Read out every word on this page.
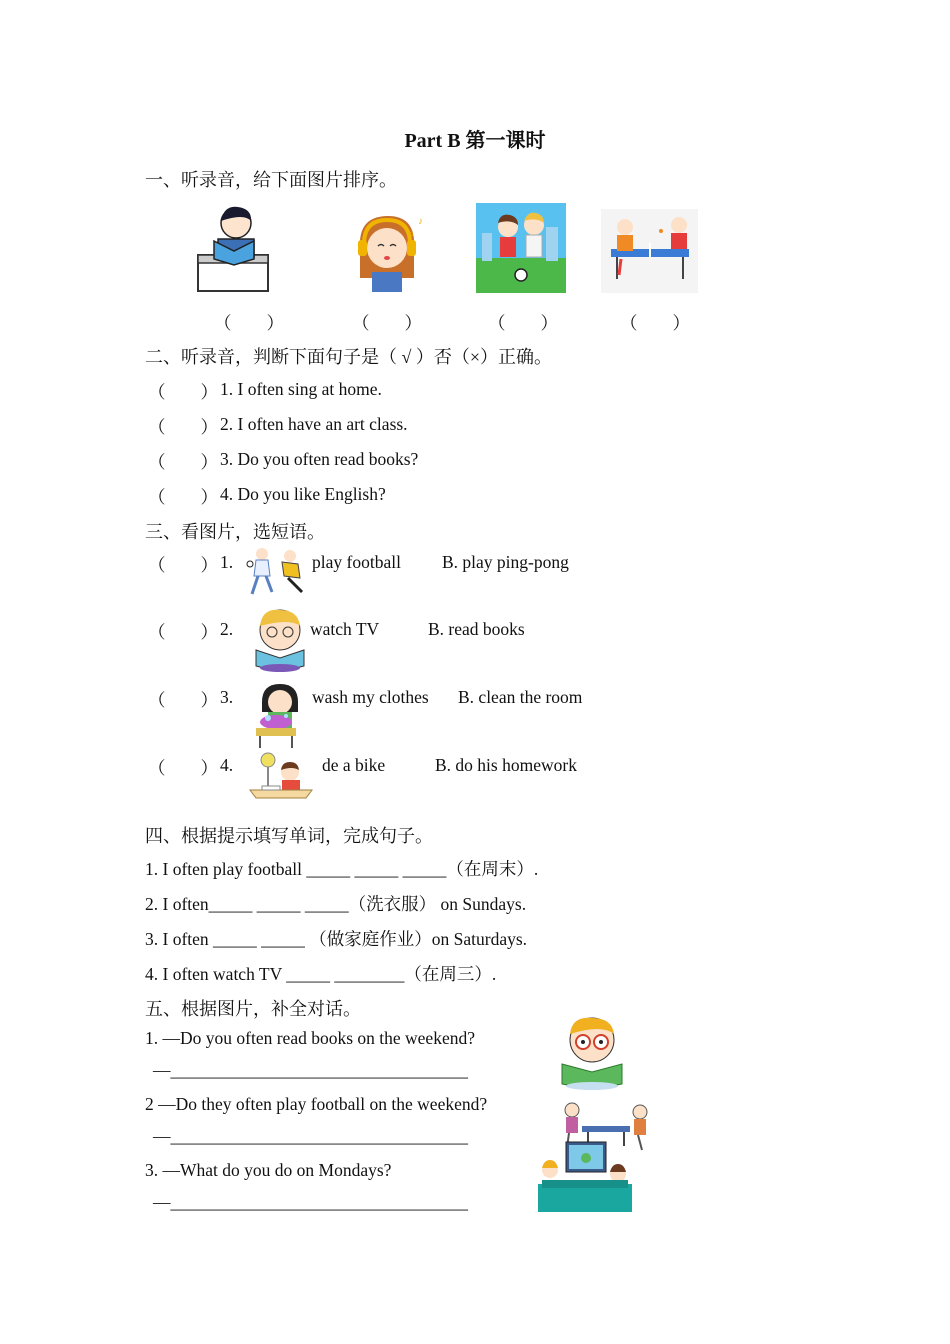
Part B 第一课时
一、听录音，给下面图片排序。
♪
♫
（　　）	（　　）	（　　）	（　　）
二、听录音，判断下面句子是（ √ ）否（×）正确。
（　　） 1. I often sing at home.
（　　） 2. I often have an art class.
（　　） 3. Do you often read books?
（　　） 4. Do you like English?
三、看图片，选短语。
（　　） 1.	play football B. play ping-pong
（　　） 2.	watch TV	B. read books
（　　） 3.	wash my clothes B. clean the room
（　　） 4.	de a bike	B. do his homework
四、根据提示填写单词，完成句子。
1. I often play football _____ _____ _____（在周末）.
2. I often_____ _____ _____（洗衣服） on Sundays.
3. I often _____ _____ （做家庭作业）on Saturdays.
4. I often watch TV _____ ________（在周三）.
五、根据图片，补全对话。
1. —Do you often read books on the weekend?
—__________________________________
2 —Do they often play football on the weekend?
—__________________________________
3. —What do you do on Mondays?
—__________________________________
